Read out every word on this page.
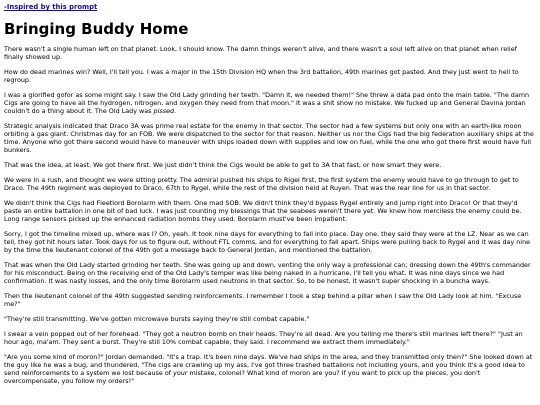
-Inspired by this prompt
Bringing Buddy Home

There wasn't a single human left on that planet. Look, I should know. The damn things weren't alive, and there wasn't a soul left alive on that planet when relief finally showed up.

How do dead marines win? Well, I'll tell you. I was a major in the 15th Division HQ when the 3rd battalion, 49th marines got pasted. And they just went to hell to regroup.

I was a glorified gofor as some might say. I saw the Old Lady grinding her teeth. "Damn it, we needed them!" She threw a data pad onto the main table. "The damn Cigs are going to have all the hydrogen, nitrogen, and oxygen they need from that moon." It was a shit show no mistake. We fucked up and General Davina Jordan couldn't do a thing about it. The Old Lady was pissed.

Strategic analysis indicated that Draco 3A was prime real estate for the enemy in that sector. The sector had a few systems but only one with an earth-like moon orbiting a gas giant. Christmas day for an FOB. We were dispatched to the sector for that reason. Neither us nor the Cigs had the big federation auxiliary ships at the time. Anyone who got there second would have to maneuver with ships loaded down with supplies and low on fuel, while the one who got there first would have full bunkers.

That was the idea, at least. We got there first. We just didn't think the Cigs would be able to get to 3A that fast, or how smart they were.

We were in a rush, and thought we were sitting pretty. The admiral pushed his ships to Rigel first, the first system the enemy would have to go through to get to Draco. The 49th regiment was deployed to Draco, 67th to Rygel, while the rest of the division held at Ruyen. That was the rear line for us in that sector.

We didn't think the Cigs had Fleetlord Borolarm with them. One mad SOB. We didn't think they'd bypass Rygel entirely and jump right into Draco! Or that they'd paste an entire battalion in one bit of bad luck. I was just counting my blessings that the seabees weren't there yet. We knew how merciless the enemy could be. Long range sensors picked up the enhanced radiation bombs they used. Borolarm must've been impatient.

Sorry, I got the timeline mixed up, where was I? Oh, yeah. It took nine days for everything to fall into place. Day one, they said they were at the LZ. Near as we can tell, they got hit hours later. Took days for us to figure out, without FTL comms, and for everything to fall apart. Ships were pulling back to Rygel and it was day nine by the time the lieutenant colonel of the 49th got a message back to General Jordan, and mentioned the battalion.

That was when the Old Lady started grinding her teeth. She was going up and down, venting the only way a professional can; dressing down the 49th's commander for his misconduct. Being on the receiving end of the Old Lady's temper was like being naked in a hurricane, I'll tell you what. It was nine days since we had confirmation. It was nasty losses, and the only time Borolarm used neutrons in that sector. So, to be honest, it wasn't super shocking in a buncha ways.

Then the lieutenant colonel of the 49th suggested sending reinforcements. I remember I took a step behind a pillar when I saw the Old Lady look at him. "Excuse me?"

"They're still transmitting. We've gotten microwave bursts saying they're still combat capable."

I swear a vein popped out of her forehead. "They got a neutron bomb on their heads. They're all dead. Are you telling me there's still marines left there?" "Just an hour ago, ma'am. They sent a burst. They're still 10% combat capable, they said. I recommend we extract them immediately."

"Are you some kind of moron?" Jordan demanded. "It's a trap. It's been nine days. We've had ships in the area, and they transmitted only then?" She looked down at the guy like he was a bug, and thundered, "The cigs are crawling up my ass, I've got three trashed battalions not including yours, and you think it's a good idea to send reinforcements to a system we lost because of your mistake, colonel? What kind of moron are you? If you want to pick up the pieces, you don't overcompensate, you follow my orders!"
